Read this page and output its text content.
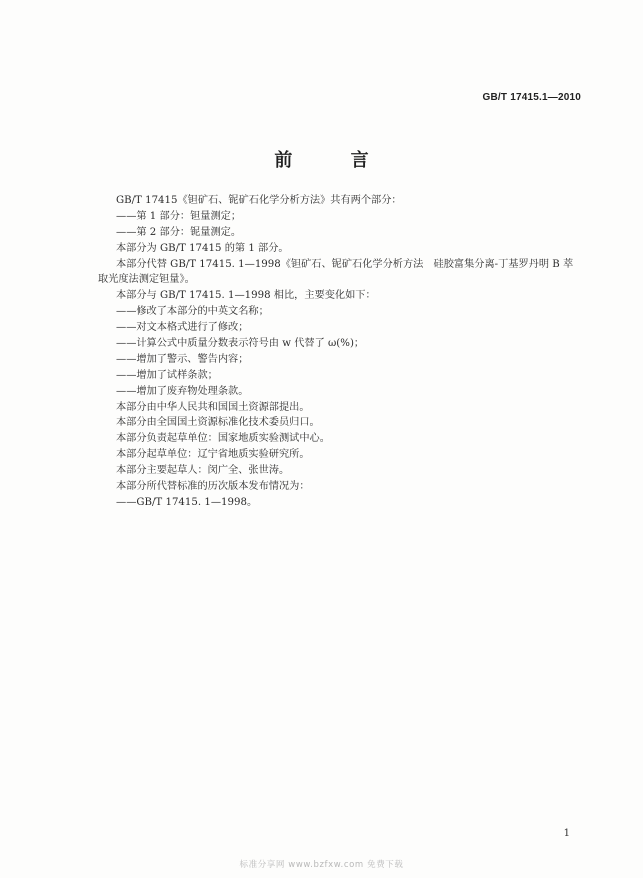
GB/T 17415.1—2010
前 言
GB/T 17415《钽矿石、铌矿石化学分析方法》共有两个部分：
——第 1 部分：钽量测定；
——第 2 部分：铌量测定。
本部分为 GB/T 17415 的第 1 部分。
本部分代替 GB/T 17415. 1—1998《钽矿石、铌矿石化学分析方法　硅胶富集分离-丁基罗丹明 B 萃
取光度法测定钽量》。
本部分与 GB/T 17415. 1—1998 相比，主要变化如下：
——修改了本部分的中英文名称；
——对文本格式进行了修改；
——计算公式中质量分数表示符号由 w 代替了 ω(%)；
——增加了警示、警告内容；
——增加了试样条款；
——增加了废弃物处理条款。
本部分由中华人民共和国国土资源部提出。
本部分由全国国土资源标准化技术委员归口。
本部分负责起草单位：国家地质实验测试中心。
本部分起草单位：辽宁省地质实验研究所。
本部分主要起草人：闵广全、张世涛。
本部分所代替标准的历次版本发布情况为：
——GB/T 17415. 1—1998。
1
标准分享网 www.bzfxw.com 免费下载
